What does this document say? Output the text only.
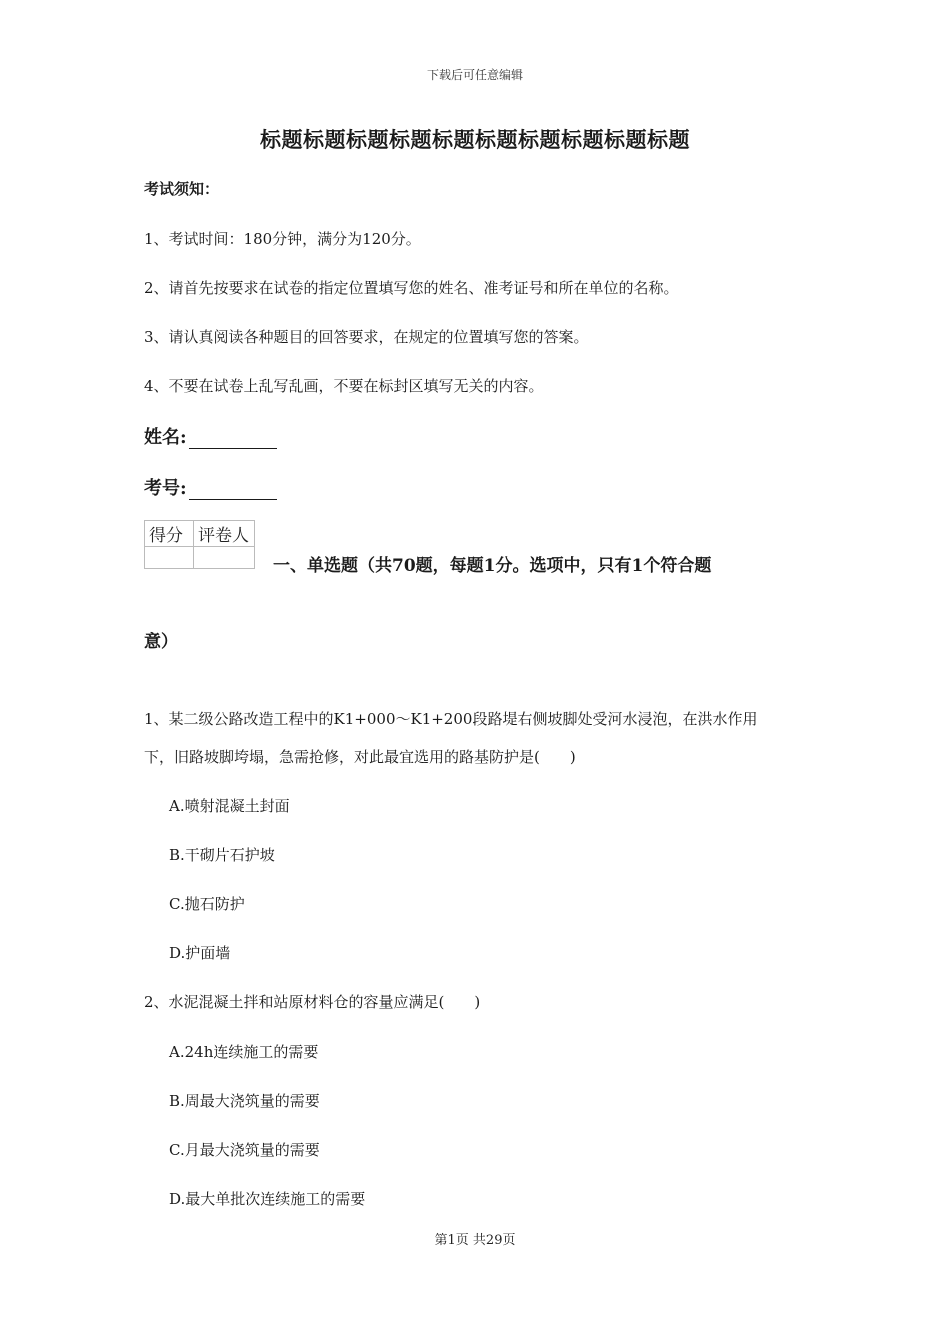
下载后可任意编辑
标题标题标题标题标题标题标题标题标题标题
考试须知：
1、考试时间：180分钟，满分为120分。
2、请首先按要求在试卷的指定位置填写您的姓名、准考证号和所在单位的名称。
3、请认真阅读各种题目的回答要求，在规定的位置填写您的答案。
4、不要在试卷上乱写乱画，不要在标封区填写无关的内容。
姓名:
考号:
得分	评卷人

一、单选题（共70题，每题1分。选项中，只有1个符合题
意）
1、某二级公路改造工程中的K1+000～K1+200段路堤右侧坡脚处受河水浸泡，在洪水作用
下，旧路坡脚垮塌，急需抢修，对此最宜选用的路基防护是(　　)
A.喷射混凝土封面
B.干砌片石护坡
C.抛石防护
D.护面墙
2、水泥混凝土拌和站原材料仓的容量应满足(　　)
A.24h连续施工的需要
B.周最大浇筑量的需要
C.月最大浇筑量的需要
D.最大单批次连续施工的需要
第1页 共29页
